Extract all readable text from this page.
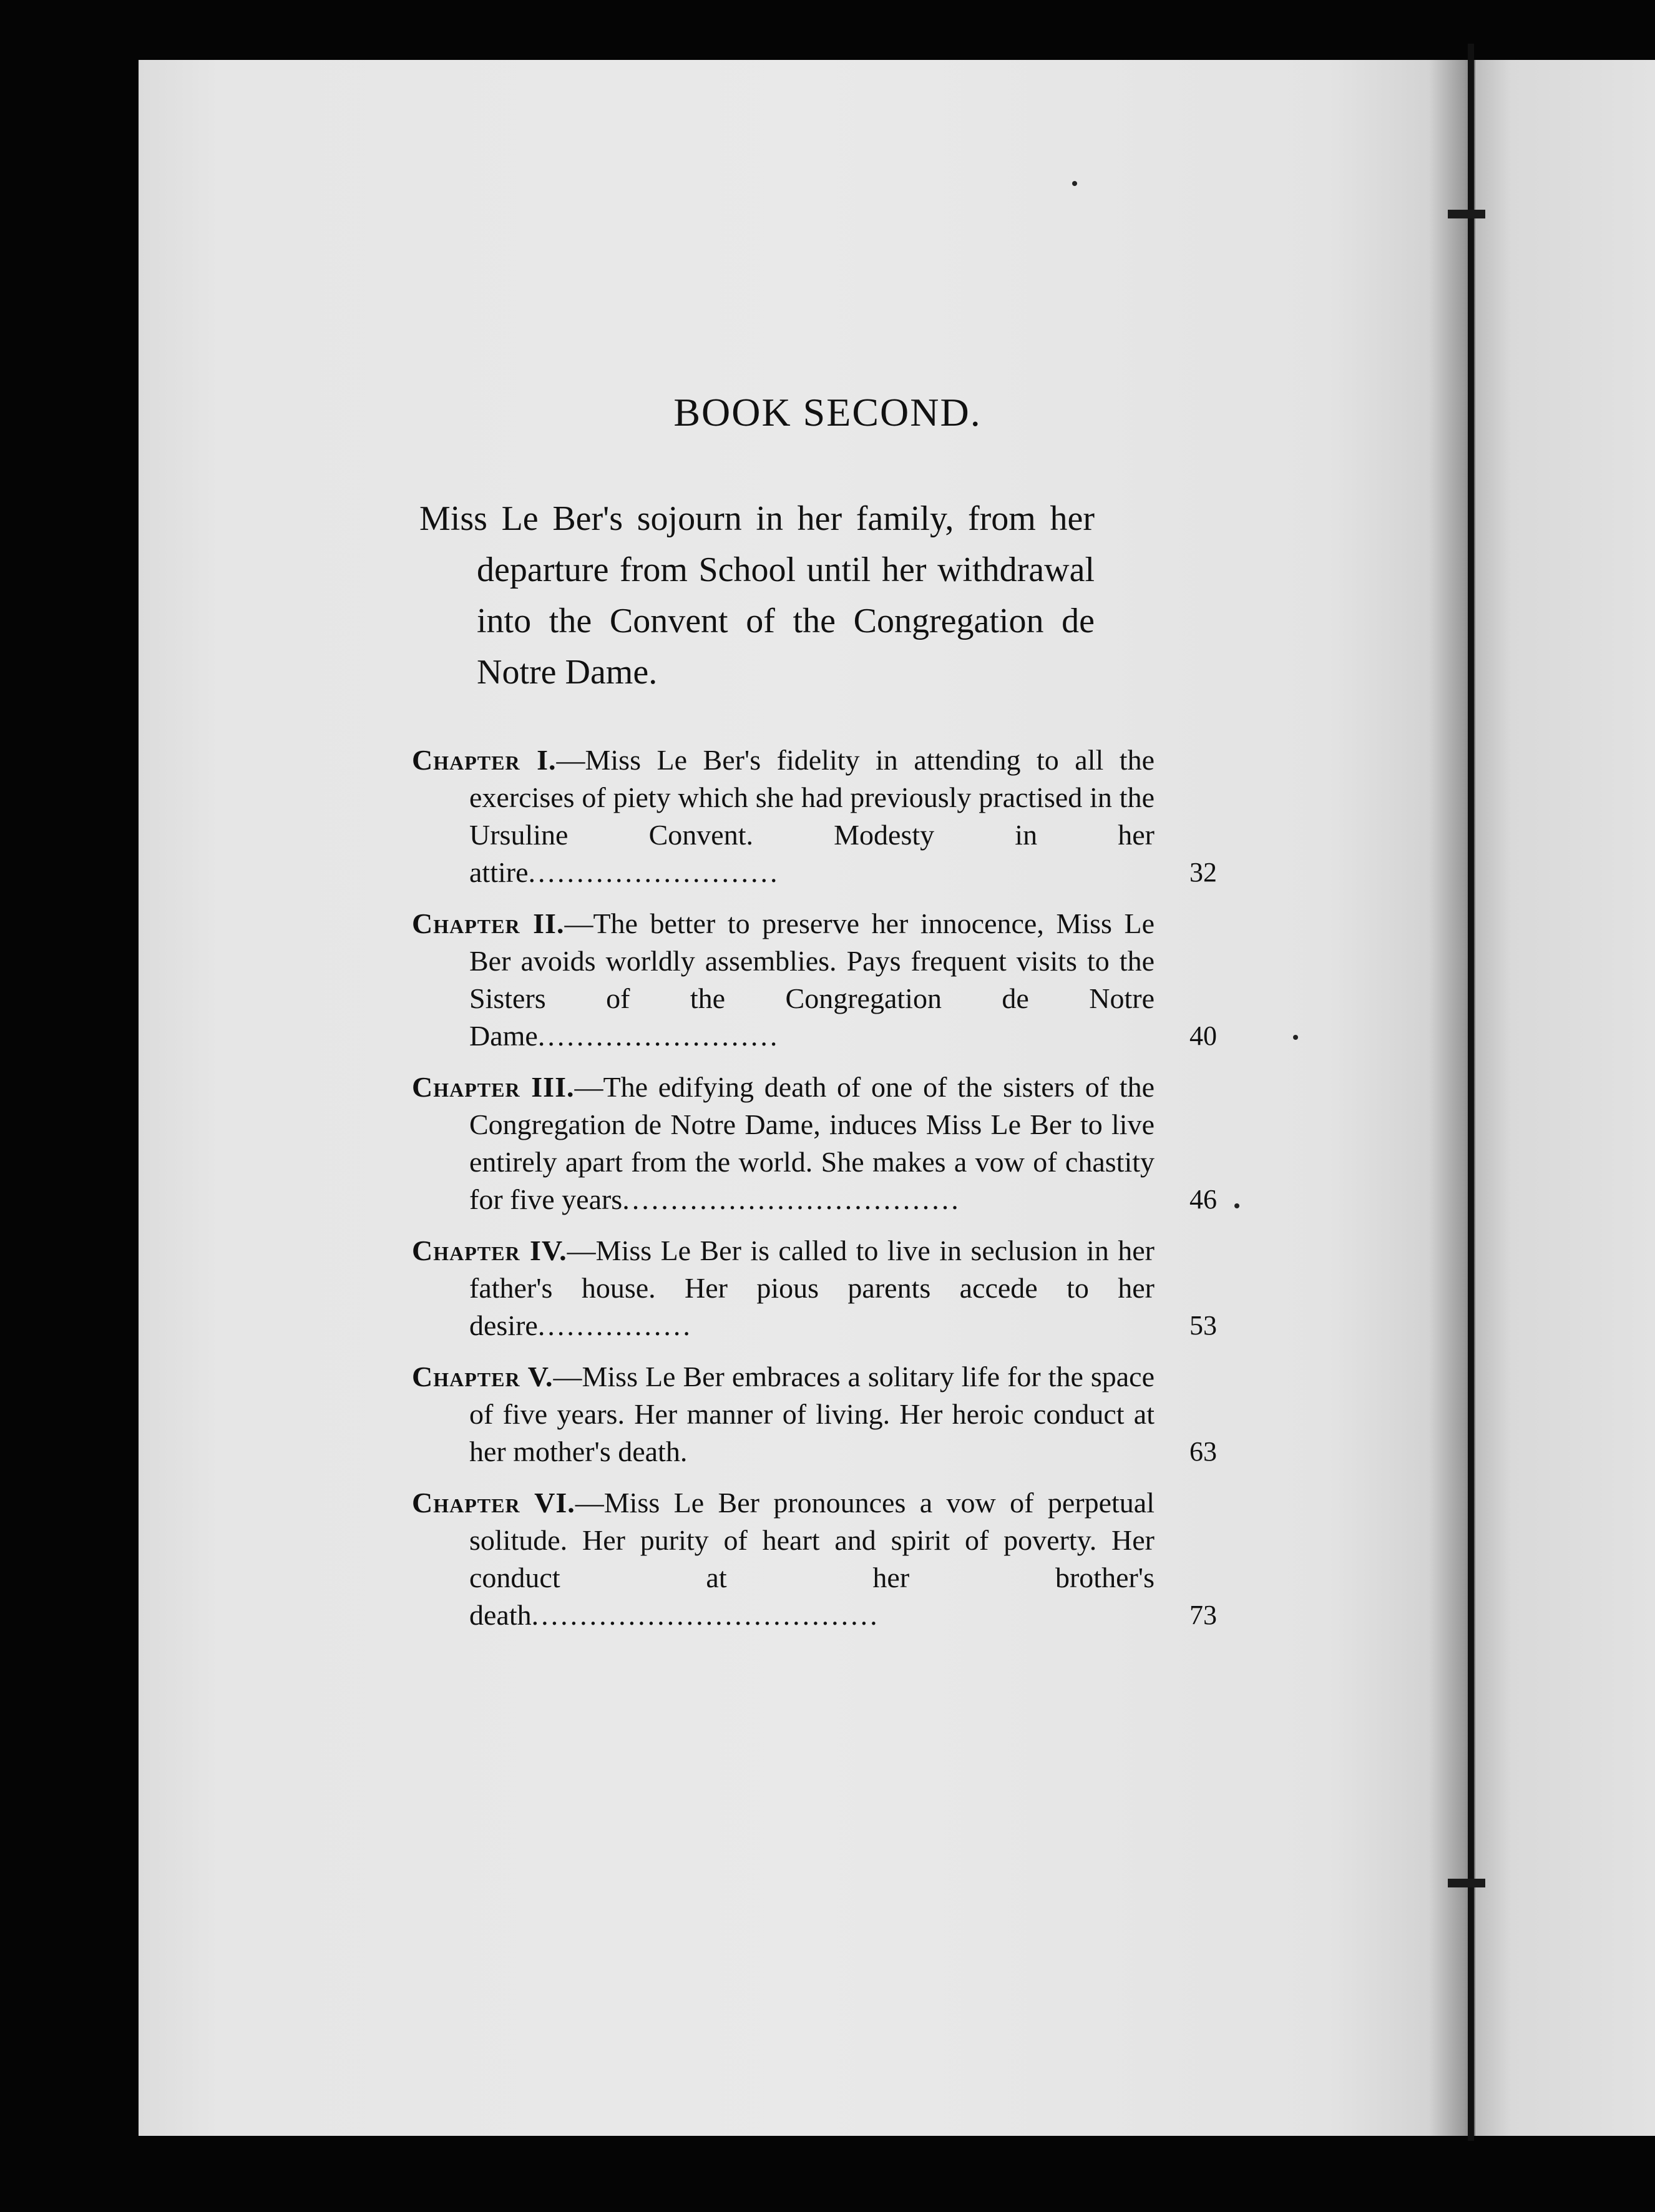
BOOK SECOND.
Miss Le Ber's sojourn in her family, from her departure from School until her withdrawal into the Convent of the Congregation de Notre Dame.
Chapter I.—Miss Le Ber's fidelity in attending to all the exercises of piety which she had previously practised in the Ursuline Convent. Modesty in her attire..........................	32
Chapter II.—The better to preserve her innocence, Miss Le Ber avoids worldly assemblies. Pays frequent visits to the Sisters of the Congregation de Notre Dame.........................	40
Chapter III.—The edifying death of one of the sisters of the Congregation de Notre Dame, induces Miss Le Ber to live entirely apart from the world. She makes a vow of chastity for five years...................................	46
Chapter IV.—Miss Le Ber is called to live in seclusion in her father's house. Her pious parents accede to her desire................	53
Chapter V.—Miss Le Ber embraces a solitary life for the space of five years. Her manner of living. Her heroic conduct at her mother's death.	63
Chapter VI.—Miss Le Ber pronounces a vow of perpetual solitude. Her purity of heart and spirit of poverty. Her conduct at her brother's death....................................	73
